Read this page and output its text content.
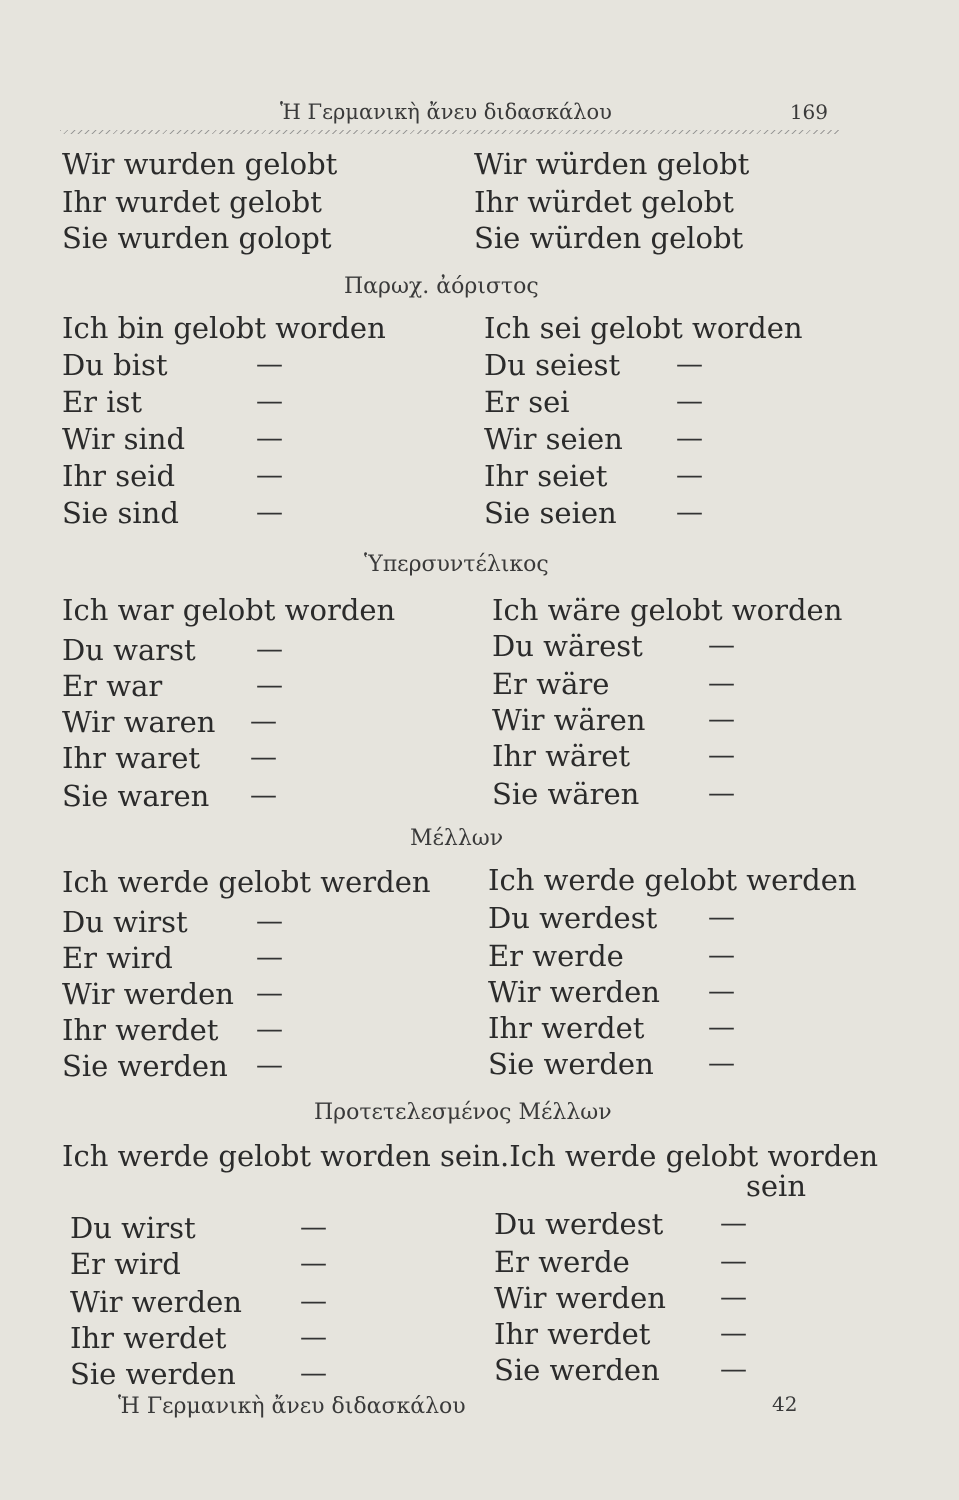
Ἡ Γερμανικὴ ἄνευ διδασκάλου	169
Wir wurden gelobt
Ihr wurdet gelobt
Sie wurden golopt
Wir würden gelobt
Ihr würdet gelobt
Sie würden gelobt
Παρωχ. ἀόριστος
Ich bin gelobt worden
Du bist
Er ist
Wir sind
Ihr seid
Sie sind
—
—
—
—
—
Ich sei gelobt worden
Du seiest
Er sei
Wir seien
Ihr seiet
Sie seien
—
—
—
—
—
Ὑπερσυντέλικος
Ich war gelobt worden
Du warst
Er war
Wir waren
Ihr waret
Sie waren
—
—
—
—
—
Ich wäre gelobt worden
Du wärest
Er wäre
Wir wären
Ihr wäret
Sie wären
—
—
—
—
—
Μέλλων
Ich werde gelobt werden
Du wirst
Er wird
Wir werden
Ihr werdet
Sie werden
—
—
—
—
—
Ich werde gelobt werden
Du werdest
Er werde
Wir werden
Ihr werdet
Sie werden
—
—
—
—
—
Προτετελεσμένος Μέλλων
Ich werde gelobt worden sein.Ich werde gelobt worden
sein
Du wirst
Er wird
Wir werden
Ihr werdet
Sie werden
—
—
—
—
—
Du werdest
Er werde
Wir werden
Ihr werdet
Sie werden
—
—
—
—
—
Ἡ Γερμανικὴ ἄνευ διδασκάλου	42
